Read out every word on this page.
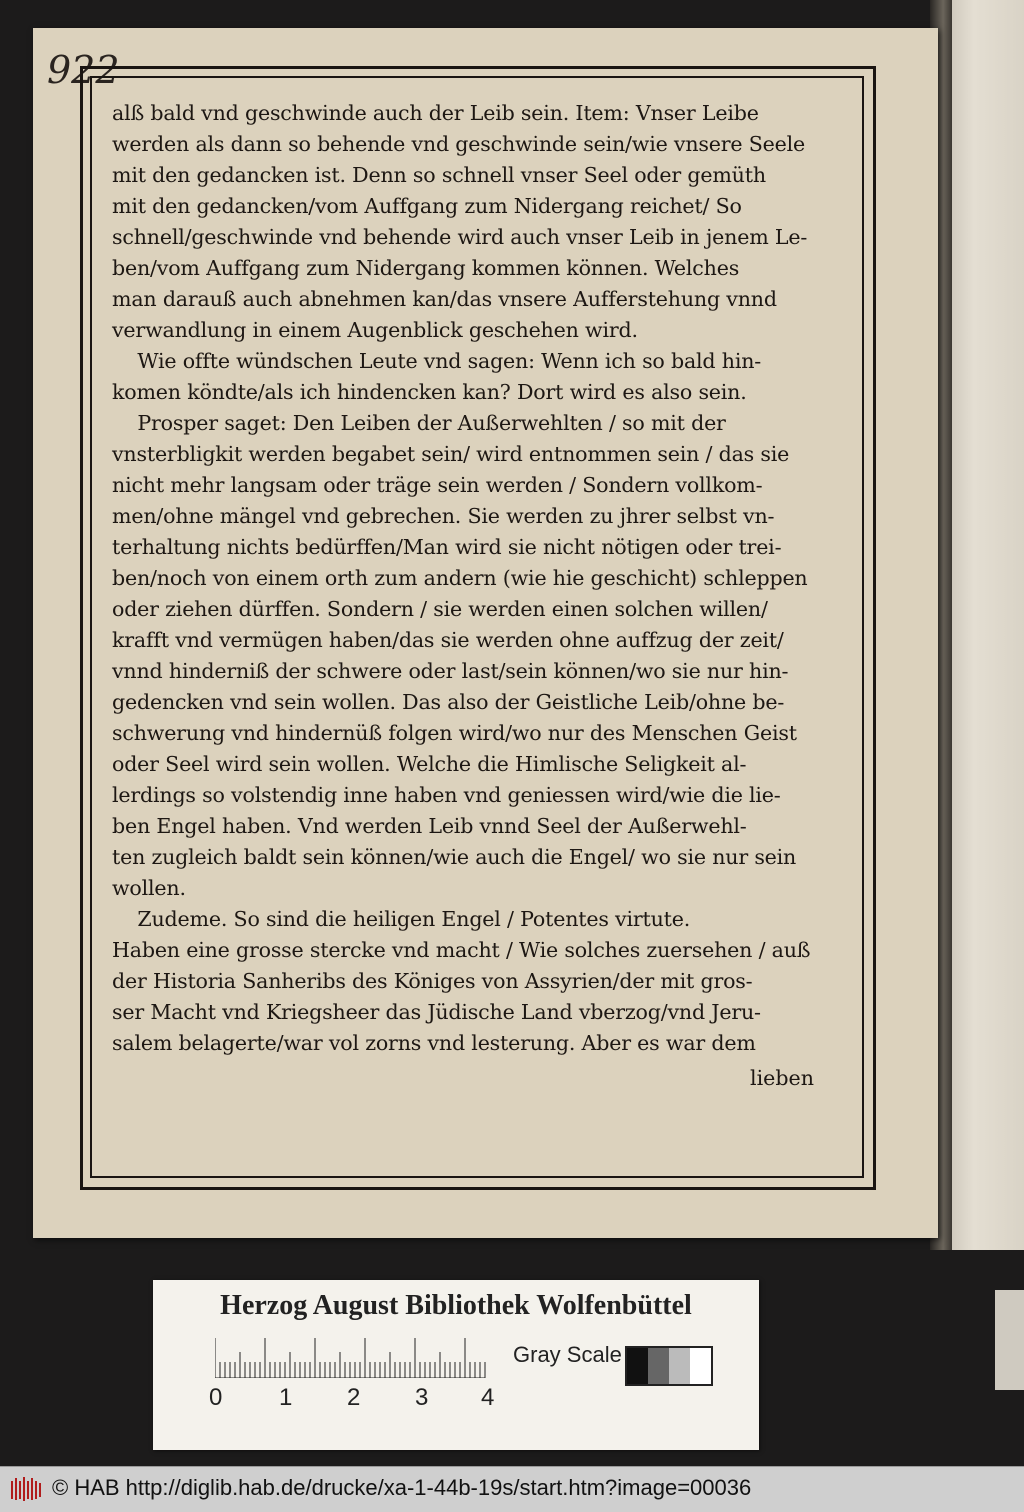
922
alß bald vnd geschwinde auch der Leib sein. Item: Vnser Leibe
werden als dann so behende vnd geschwinde sein/wie vnsere Seele
mit den gedancken ist. Denn so schnell vnser Seel oder gemüth
mit den gedancken/vom Auffgang zum Nidergang reichet/ So
schnell/geschwinde vnd behende wird auch vnser Leib in jenem Le-
ben/vom Auffgang zum Nidergang kommen können. Welches
man darauß auch abnehmen kan/das vnsere Aufferstehung vnnd
verwandlung in einem Augenblick geschehen wird.
Wie offte wündschen Leute vnd sagen: Wenn ich so bald hin-
komen köndte/als ich hindencken kan? Dort wird es also sein.
Prosper saget: Den Leiben der Außerwehlten / so mit der
vnsterbligkit werden begabet sein/ wird entnommen sein / das sie
nicht mehr langsam oder träge sein werden / Sondern vollkom-
men/ohne mängel vnd gebrechen. Sie werden zu jhrer selbst vn-
terhaltung nichts bedürffen/Man wird sie nicht nötigen oder trei-
ben/noch von einem orth zum andern (wie hie geschicht) schleppen
oder ziehen dürffen. Sondern / sie werden einen solchen willen/
krafft vnd vermügen haben/das sie werden ohne auffzug der zeit/
vnnd hinderniß der schwere oder last/sein können/wo sie nur hin-
gedencken vnd sein wollen. Das also der Geistliche Leib/ohne be-
schwerung vnd hindernüß folgen wird/wo nur des Menschen Geist
oder Seel wird sein wollen. Welche die Himlische Seligkeit al-
lerdings so volstendig inne haben vnd geniessen wird/wie die lie-
ben Engel haben. Vnd werden Leib vnnd Seel der Außerwehl-
ten zugleich baldt sein können/wie auch die Engel/ wo sie nur sein
wollen.
Zudeme. So sind die heiligen Engel / Potentes virtute.
Haben eine grosse stercke vnd macht / Wie solches zuersehen / auß
der Historia Sanheribs des Königes von Assyrien/der mit gros-
ser Macht vnd Kriegsheer das Jüdische Land vberzog/vnd Jeru-
salem belagerte/war vol zorns vnd lesterung. Aber es war dem
lieben
Herzog August Bibliothek Wolfenbüttel
0 1 2 3 4
Gray Scale
© HAB http://diglib.hab.de/drucke/xa-1-44b-19s/start.htm?image=00036
